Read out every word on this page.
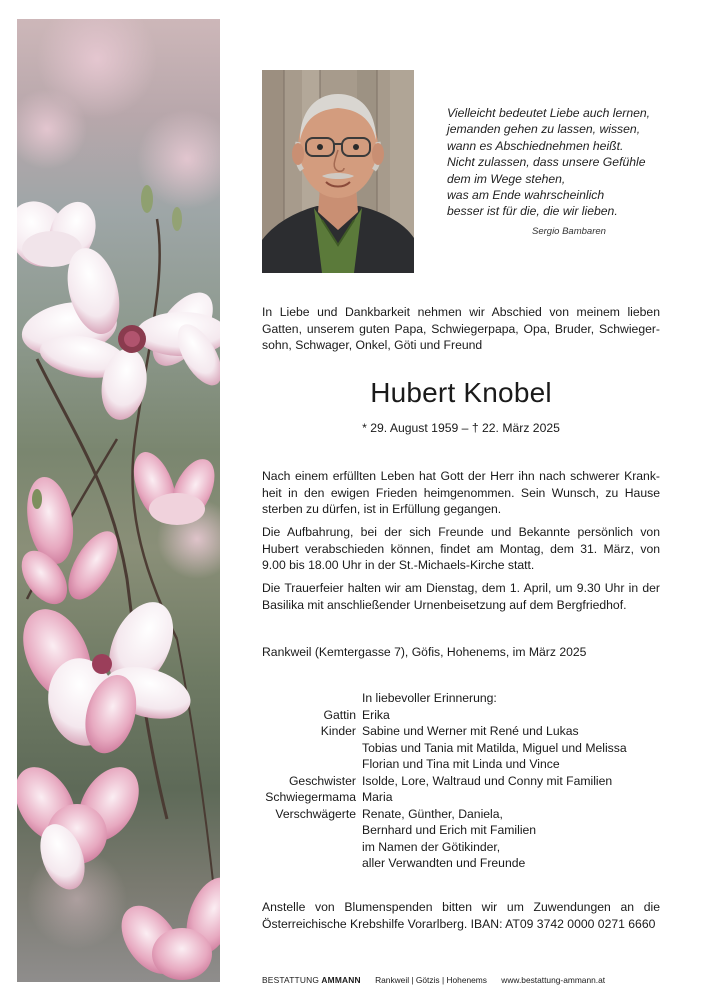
Vielleicht bedeutet Liebe auch lernen,
jemanden gehen zu lassen, wissen,
wann es Abschiednehmen heißt.
Nicht zulassen, dass unsere Gefühle
dem im Wege stehen,
was am Ende wahrscheinlich
besser ist für die, die wir lieben.
Sergio Bambaren
In Liebe und Dankbarkeit nehmen wir Abschied von meinem lieben
Gatten, unserem guten Papa, Schwiegerpapa, Opa, Bruder, Schwieger-
sohn, Schwager, Onkel, Göti und Freund
Hubert Knobel
* 29. August 1959 – † 22. März 2025
Nach einem erfüllten Leben hat Gott der Herr ihn nach schwerer Krank-
heit in den ewigen Frieden heimgenommen. Sein Wunsch, zu Hause
sterben zu dürfen, ist in Erfüllung gegangen.
Die Aufbahrung, bei der sich Freunde und Bekannte persönlich von
Hubert verabschieden können, findet am Montag, dem 31. März, von
9.00 bis 18.00 Uhr in der St.-Michaels-Kirche statt.
Die Trauerfeier halten wir am Dienstag, dem 1. April, um 9.30 Uhr in der
Basilika mit anschließender Urnenbeisetzung auf dem Bergfriedhof.
Rankweil (Kemtergasse 7), Göfis, Hohenems, im März 2025
In liebevoller Erinnerung:
Gattin Erika
Kinder Sabine und Werner mit René und Lukas
Tobias und Tania mit Matilda, Miguel und Melissa
Florian und Tina mit Linda und Vince
Geschwister Isolde, Lore, Waltraud und Conny mit Familien
Schwiegermama Maria
Verschwägerte Renate, Günther, Daniela,
Bernhard und Erich mit Familien
im Namen der Götikinder,
aller Verwandten und Freunde
Anstelle von Blumenspenden bitten wir um Zuwendungen an die
Österreichische Krebshilfe Vorarlberg. IBAN: AT09 3742 0000 0271 6660
BESTATTUNG AMMANN Rankweil | Götzis | Hohenems www.bestattung-ammann.at
